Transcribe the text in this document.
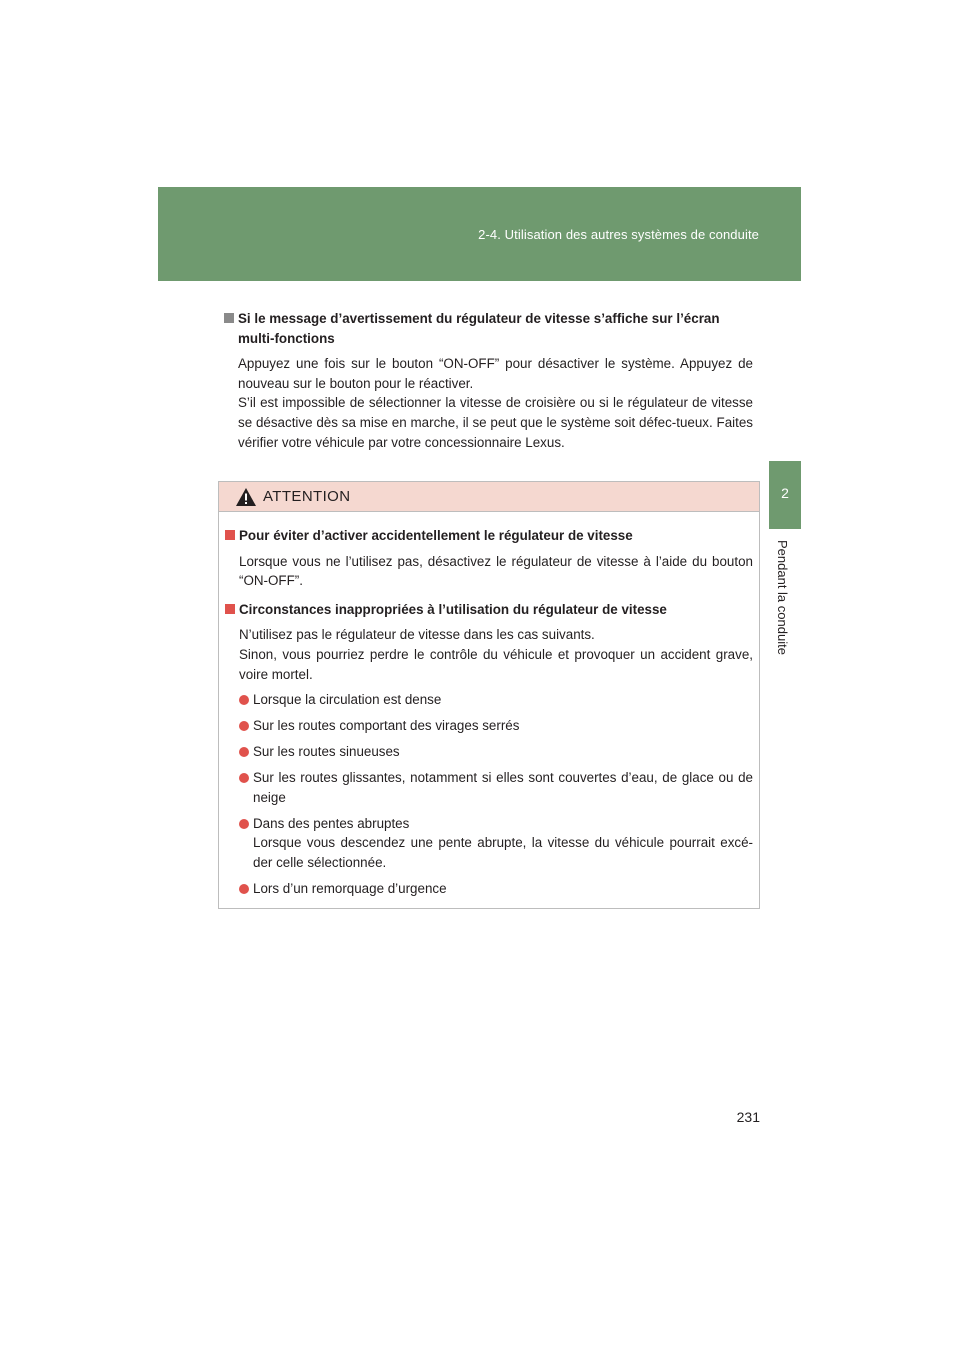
2-4. Utilisation des autres systèmes de conduite
2
Pendant la conduite
Si le message d’avertissement du régulateur de vitesse s’affiche sur l’écran multi-fonctions

Appuyez une fois sur le bouton “ON-OFF” pour désactiver le système. Appuyez de nouveau sur le bouton pour le réactiver.

S’il est impossible de sélectionner la vitesse de croisière ou si le régulateur de vitesse se désactive dès sa mise en marche, il se peut que le système soit défec-tueux. Faites vérifier votre véhicule par votre concessionnaire Lexus.

ATTENTION
Pour éviter d’activer accidentellement le régulateur de vitesse

Lorsque vous ne l’utilisez pas, désactivez le régulateur de vitesse à l’aide du bouton “ON-OFF”.

Circonstances inappropriées à l’utilisation du régulateur de vitesse

N’utilisez pas le régulateur de vitesse dans les cas suivants.

Sinon, vous pourriez perdre le contrôle du véhicule et provoquer un accident grave, voire mortel.

Lorsque la circulation est dense

Sur les routes comportant des virages serrés

Sur les routes sinueuses

Sur les routes glissantes, notamment si elles sont couvertes d’eau, de glace ou de neige

Dans des pentes abruptes

Lorsque vous descendez une pente abrupte, la vitesse du véhicule pourrait excé-der celle sélectionnée.

Lors d’un remorquage d’urgence

231
